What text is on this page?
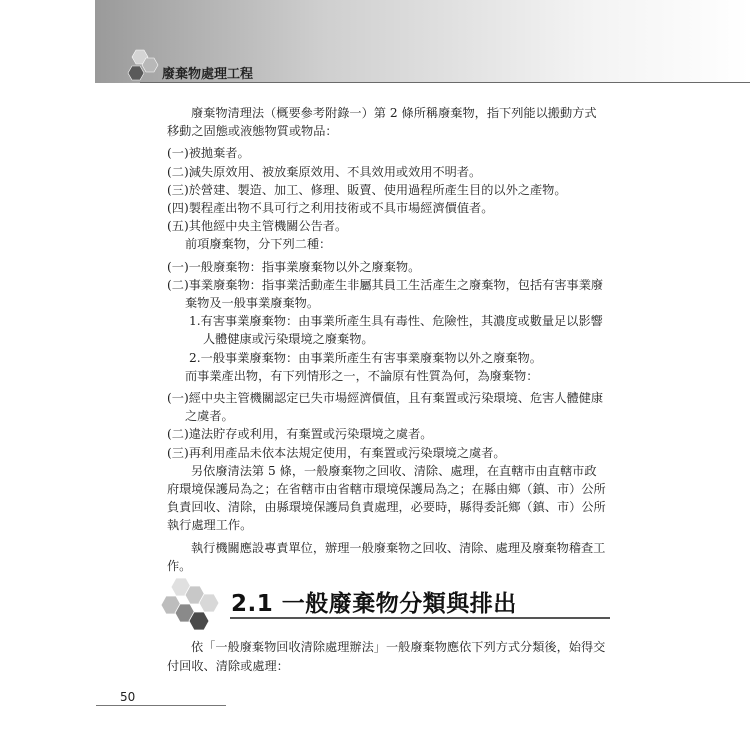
廢棄物處理工程

廢棄物清理法（概要參考附錄一）第 2 條所稱廢棄物，指下列能以搬動方式移動之固態或液態物質或物品：

(一)被拋棄者。

(二)減失原效用、被放棄原效用、不具效用或效用不明者。

(三)於營建、製造、加工、修理、販賣、使用過程所產生目的以外之產物。

(四)製程產出物不具可行之利用技術或不具市場經濟價值者。

(五)其他經中央主管機關公告者。

前項廢棄物，分下列二種：

(一)一般廢棄物：指事業廢棄物以外之廢棄物。

(二)事業廢棄物：指事業活動產生非屬其員工生活產生之廢棄物，包括有害事業廢棄物及一般事業廢棄物。

1.有害事業廢棄物：由事業所產生具有毒性、危險性，其濃度或數量足以影響人體健康或污染環境之廢棄物。

2.一般事業廢棄物：由事業所產生有害事業廢棄物以外之廢棄物。

而事業產出物，有下列情形之一，不論原有性質為何，為廢棄物：

(一)經中央主管機關認定已失市場經濟價值，且有棄置或污染環境、危害人體健康之虞者。

(二)違法貯存或利用，有棄置或污染環境之虞者。

(三)再利用產品未依本法規定使用，有棄置或污染環境之虞者。

另依廢清法第 5 條，一般廢棄物之回收、清除、處理，在直轄市由直轄市政府環境保護局為之；在省轄市由省轄市環境保護局為之；在縣由鄉（鎮、市）公所負責回收、清除，由縣環境保護局負責處理，必要時，縣得委託鄉（鎮、市）公所執行處理工作。

執行機關應設專責單位，辦理一般廢棄物之回收、清除、處理及廢棄物稽查工作。

2.1 一般廢棄物分類與排出

依「一般廢棄物回收清除處理辦法」一般廢棄物應依下列方式分類後，始得交付回收、清除或處理：

50
